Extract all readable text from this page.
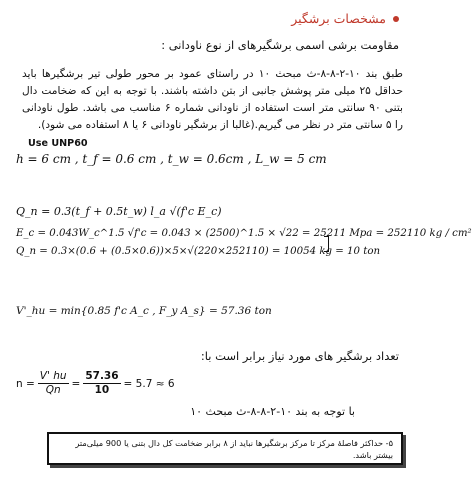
مشخصات برشگیر
مقاومت برشی اسمی برشگیرهای از نوع ناودانی :
طبق بند ۱۰-۲-۸-۸-ث مبحث ۱۰ در راستای عمود بر محور طولی تیر برشگیرها باید حداقل ۲۵ میلی متر پوشش جانبی از بتن داشته باشند. با توجه به این که ضخامت دال بتنی ۹۰ سانتی متر است استفاده از ناودانی شماره ۶ مناسب می باشد. طول ناودانی را ۵ سانتی متر در نظر می گیریم.(غالبا از برشگیر ناودانی ۶ یا ۸ استفاده می شود).
Use UNP60
h = 6 cm , t_f = 0.6 cm , t_w = 0.6cm , L_w = 5 cm
Q_n = 0.3(t_f + 0.5t_w) l_a √(f'c E_c)
E_c = 0.043W_c^1.5 √f'c = 0.043 × (2500)^1.5 × √22 = 25211 Mpa = 252110 kg / cm²
Q_n = 0.3×(0.6 + (0.5×0.6))×5×√(220×252110) = 10054 kg = 10 ton
V'_hu = min{0.85 f'c A_c , F_y A_s} = 57.36 ton
تعداد برشگیر های مورد نیاز برابر است با:
$n = \frac{V' hu}{Qn} = \frac{57.36}{10} = 5.7 \approx 6$
با توجه به بند ۱۰-۲-۸-۸-ث مبحث ۱۰
۵- حداکثر فاصلهٔ مرکز تا مرکز برشگیرها نباید از ۸ برابر ضخامت کل دال بتنی یا 900 میلی‌متر بیشتر باشد.
